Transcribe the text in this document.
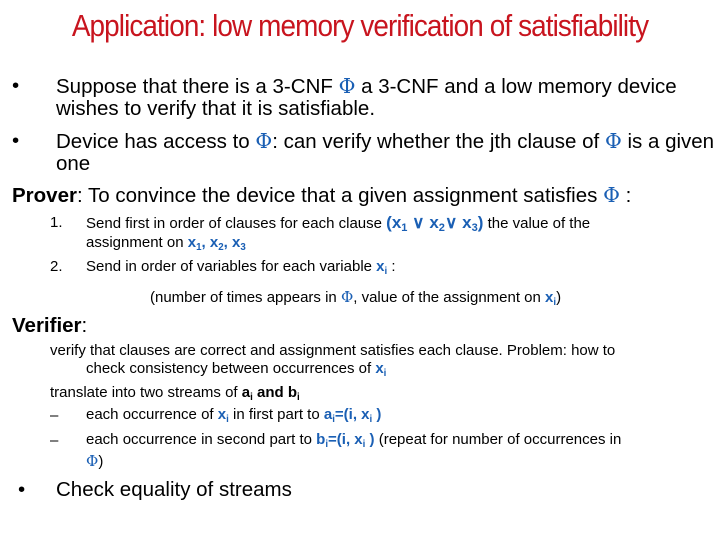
Application: low memory verification of satisfiability
• Suppose that there is a 3-CNF Φ a 3-CNF and a low memory device
wishes to verify that it is satisfiable.
• Device has access to Φ: can verify whether the jth clause of Φ is a given
one
Prover: To convince the device that a given assignment satisfies Φ :
1. Send first in order of clauses for each clause ($x_1$ ∨ $x_2\vee$ $x_3$) the value of the
assignment on $x_1$, $x_2$, $x_3$
2. Send in order of variables for each variable $x_i$ :
(number of times appears in Φ, value of the assignment on $x_i$)
Verifier:
verify that clauses are correct and assignment satisfies each clause. Problem: how to
check consistency between occurrences of $x_i$
translate into two streams of $a_i$ and $b_i$
– each occurrence of $x_i$ in first part to $a_i=(i$, $x_i$ )
– each occurrence in second part to $b_i=(i$, $x_i$ ) (repeat for number of occurrences in
Φ)
• Check equality of streams
